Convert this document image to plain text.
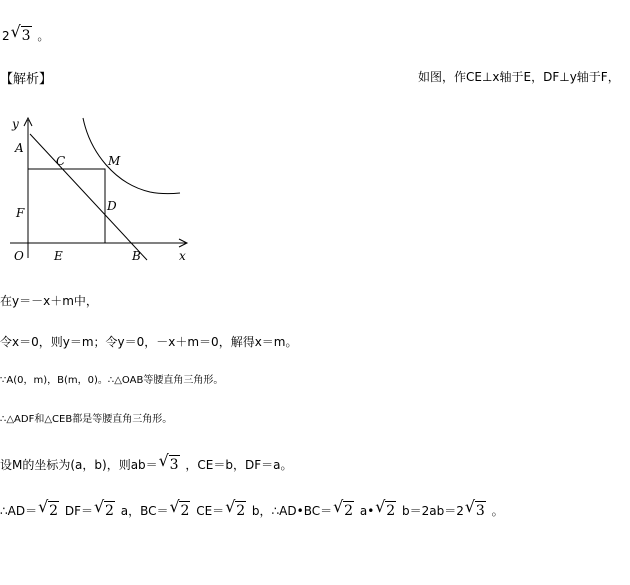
2 √ 3 。
【解析】	如图，作CE⊥x轴于E，DF⊥y轴于F，
y
A
C	M
D
F
O	E	B	x
在y＝－x＋m中，
令x＝0，则y＝m；令y＝0，－x＋m＝0，解得x＝m。
∵A(0，m)，B(m，0)。∴△OAB等腰直角三角形。
∴△ADF和△CEB都是等腰直角三角形。
设M的坐标为(a，b)，则ab＝ √ 3 ，CE＝b，DF＝a。
∴AD＝ √ 2 DF＝ √ 2 a，BC＝ √ 2 CE＝ √ 2 b，∴AD•BC＝ √ 2 a• √ 2 b＝2ab＝2 √ 3 。
